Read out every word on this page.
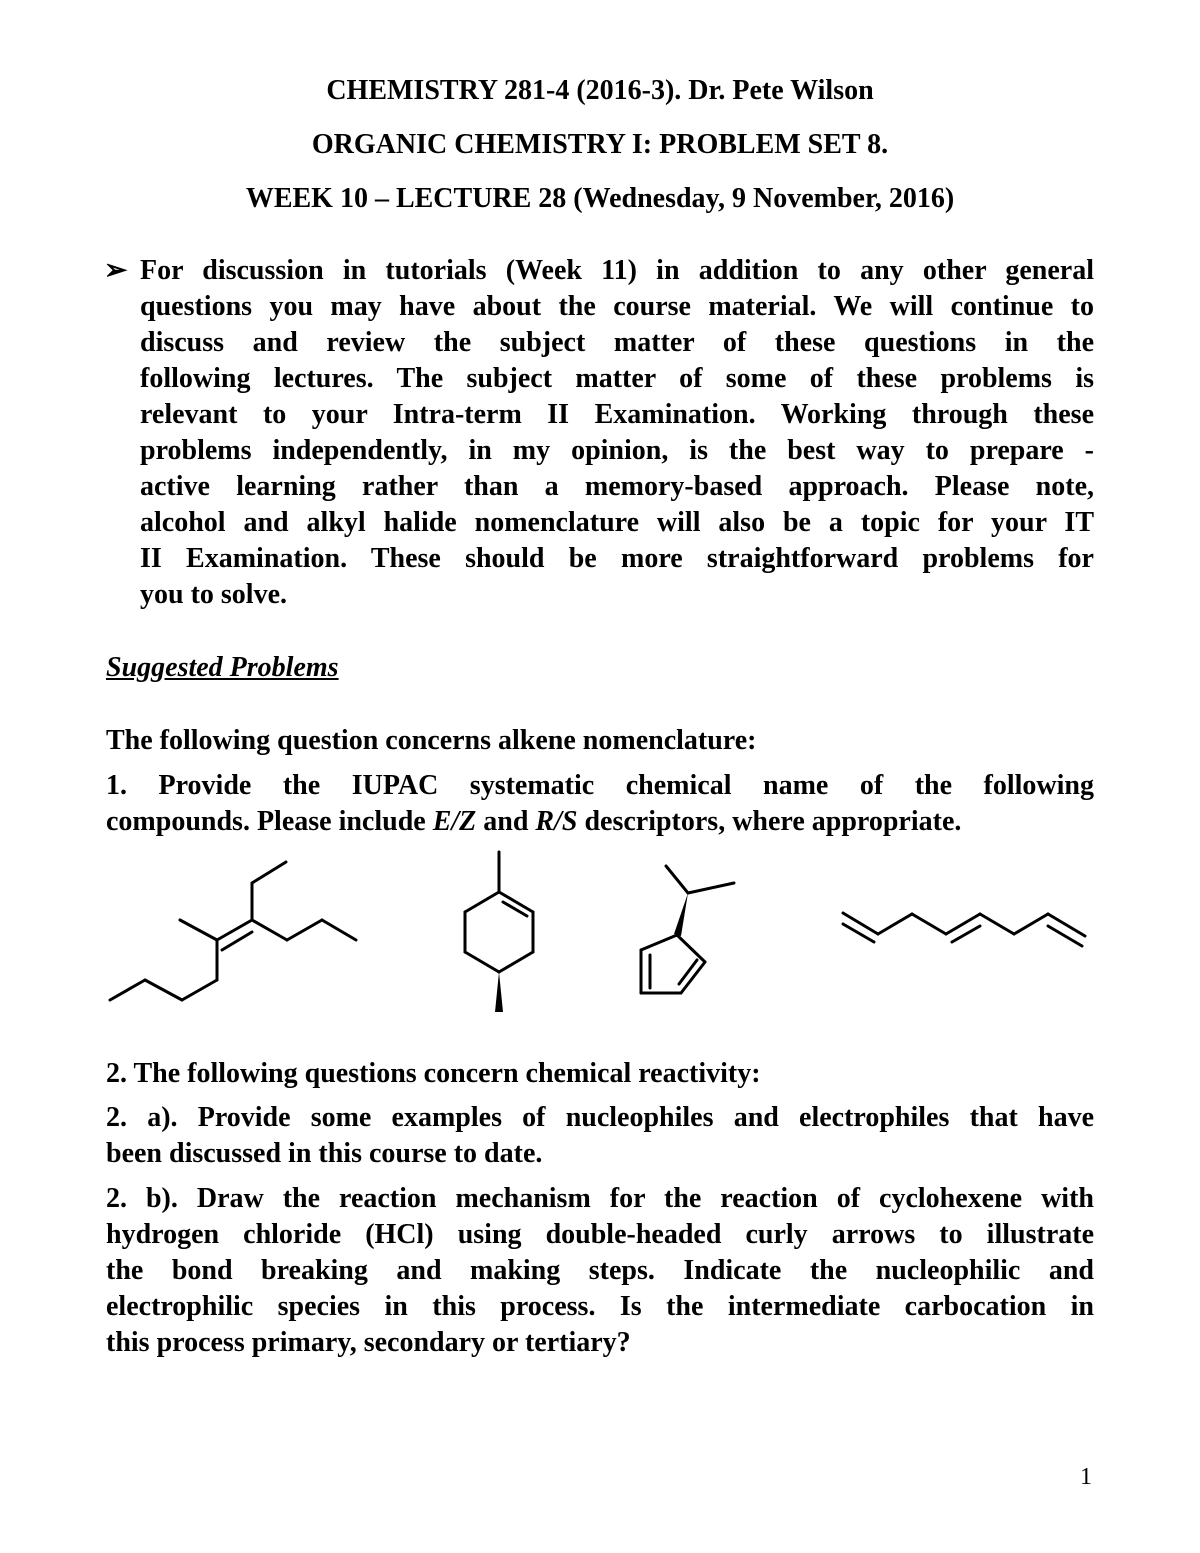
CHEMISTRY 281-4 (2016-3). Dr. Pete Wilson
ORGANIC CHEMISTRY I: PROBLEM SET 8.
WEEK 10 – LECTURE 28 (Wednesday, 9 November, 2016)
➢ For discussion in tutorials (Week 11) in addition to any other general
questions you may have about the course material. We will continue to
discuss and review the subject matter of these questions in the
following lectures. The subject matter of some of these problems is
relevant to your Intra-term II Examination. Working through these
problems independently, in my opinion, is the best way to prepare -
active learning rather than a memory-based approach. Please note,
alcohol and alkyl halide nomenclature will also be a topic for your IT
II Examination. These should be more straightforward problems for
you to solve.
Suggested Problems
The following question concerns alkene nomenclature:
1. Provide the IUPAC systematic chemical name of the following
compounds. Please include E/Z and R/S descriptors, where appropriate.
2. The following questions concern chemical reactivity:
2. a). Provide some examples of nucleophiles and electrophiles that have
been discussed in this course to date.
2. b). Draw the reaction mechanism for the reaction of cyclohexene with
hydrogen chloride (HCl) using double-headed curly arrows to illustrate
the bond breaking and making steps. Indicate the nucleophilic and
electrophilic species in this process. Is the intermediate carbocation in
this process primary, secondary or tertiary?
1
